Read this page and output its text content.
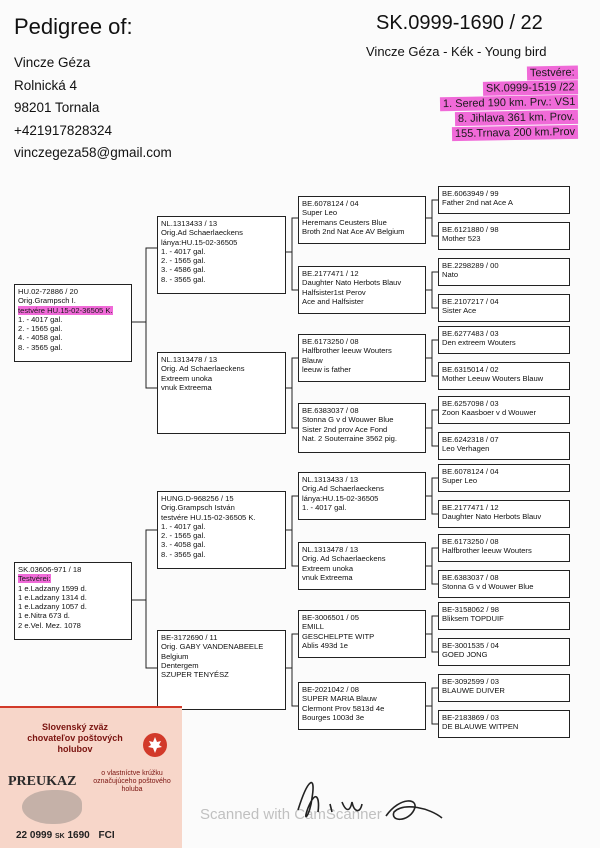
Pedigree of:	SK.0999-1690 / 22
Vincze Géza
Rolnická 4
98201 Tornala
+421917828324
vinczegeza58@gmail.com
Vincze Géza - Kék - Young bird
Testvére:
SK.0999-1519 /22
1. Sered 190 km. Prv.: VS1
8. Jihlava 361 km. Prov.
155.Trnava 200 km.Prov
HU.02-72886 / 20
Orig.Grampsch I.
testvére HU.15-02-36505 K.
1. - 4017 gal.
2. - 1565 gal.
4. - 4058 gal.
8. - 3565 gal.
SK.03606-971 / 18
Testvérei:
1 e.Ladzany 1599 d.
1 e.Ladzany 1314 d.
1 e.Ladzany 1057 d.
1 e.Nitra 673 d.
2 e.Vel. Mez. 1078
NL.1313433 / 13
Orig.Ad Schaerlaeckens
lánya:HU.15-02-36505
1. - 4017 gal.
2. - 1565 gal.
3. - 4586 gal.
8. - 3565 gal.
NL.1313478 / 13
Orig. Ad Schaerlaeckens
Extreem unoka
vnuk Extreema
HUNG.D-968256 / 15
Orig.Grampsch István
testvére HU.15-02-36505 K.
1. - 4017 gal.
2. - 1565 gal.
3. - 4058 gal.
8. - 3565 gal.
BE-3172690 / 11
Orig. GABY VANDENABEELE
Belgium
Dentergem
SZUPER TENYÉSZ
BE.6078124 / 04
Super Leo
Heremans Ceusters Blue
Broth 2nd Nat Ace AV Belgium
BE.2177471 / 12
Daughter Nato Herbots Blauv
Halfsister1st Perov
Ace and Halfsister
BE.6173250 / 08
Halfbrother leeuw Wouters
Blauw
leeuw is father
BE.6383037 / 08
Stonna G v d Wouwer Blue
Sister 2nd prov Ace Fond
Nat. 2 Souterraine 3562 pig.
NL.1313433 / 13
Orig.Ad Schaerlaeckens
lánya:HU.15-02-36505
1. - 4017 gal.
NL.1313478 / 13
Orig. Ad Schaerlaeckens
Extreem unoka
vnuk Extreema
BE-3006501 / 05
EMILL
GESCHELPTE WITP
Ablis 493d 1e
BE-2021042 / 08
SUPER MARIA Blauw
Clermont Prov 5813d 4e
Bourges 1003d 3e
BE.6063949 / 99
Father 2nd nat Ace A
BE.6121880 / 98
Mother 523
BE.2298289 / 00
Nato
BE.2107217 / 04
Sister Ace
BE.6277483 / 03
Den extreem Wouters
BE.6315014 / 02
Mother Leeuw Wouters Blauw
BE.6257098 / 03
Zoon Kaasboer v d Wouwer
BE.6242318 / 07
Leo Verhagen
BE.6078124 / 04
Super Leo
BE.2177471 / 12
Daughter Nato Herbots Blauv
BE.6173250 / 08
Halfbrother leeuw Wouters
BE.6383037 / 08
Stonna G v d Wouwer Blue
BE-3158062 / 98
Bliksem TOPDUIF
BE-3001535 / 04
GOED JONG
BE-3092599 / 03
BLAUWE DUIVER
BE-2183869 / 03
DE BLAUWE WITPEN
Slovenský zväz
chovateľov poštových holubov
PREUKAZ
o vlastníctve krúžku označujúceho poštového holuba
22 0999 SK 1690 FCI
Scanned with CamScanner
